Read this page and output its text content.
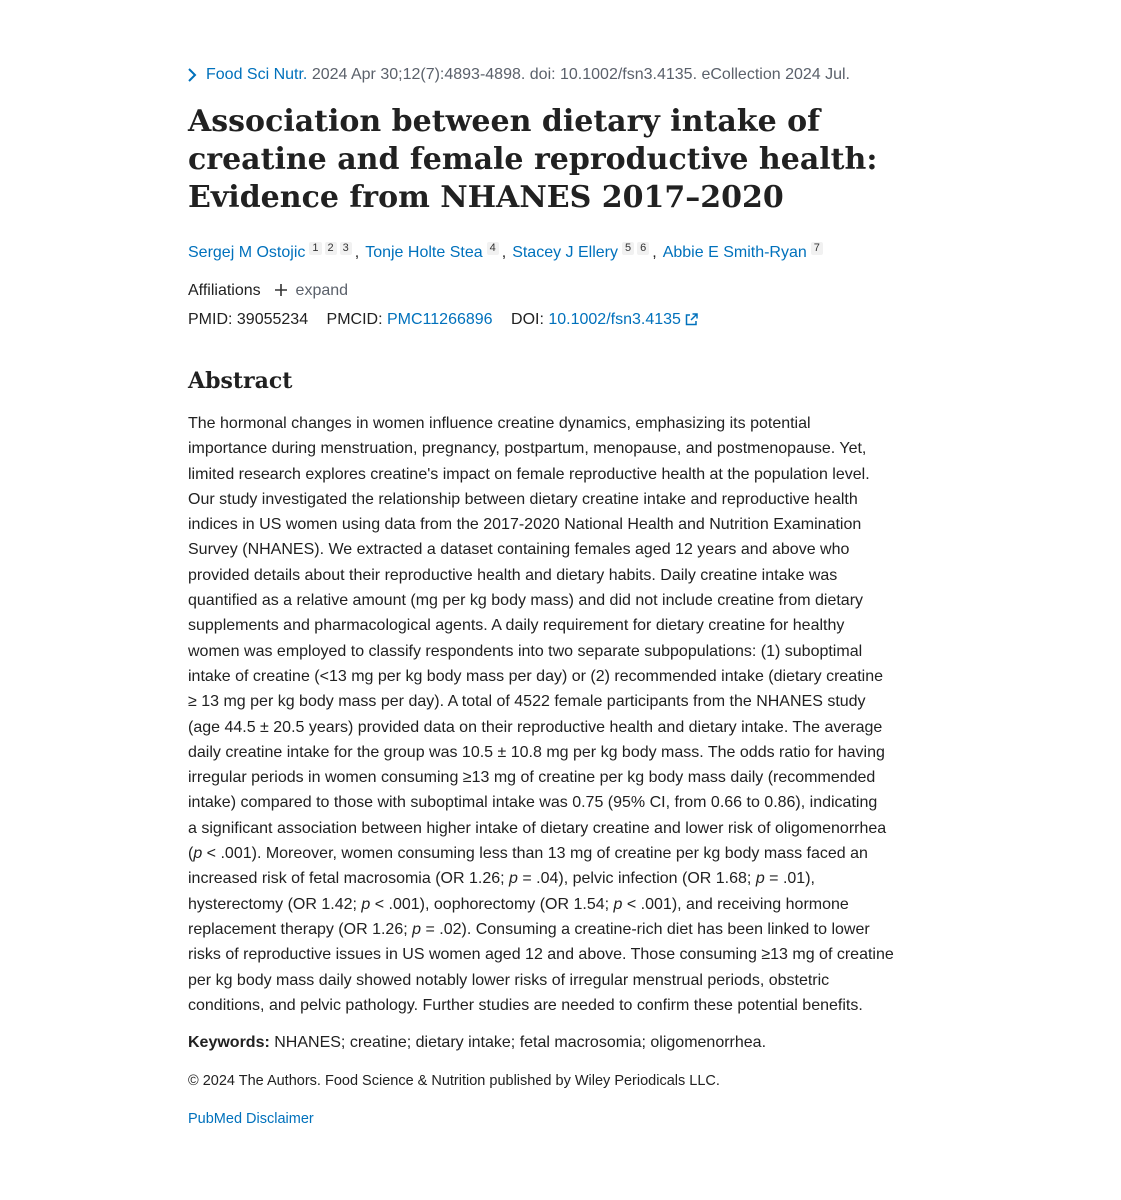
Food Sci Nutr. 2024 Apr 30;12(7):4893-4898. doi: 10.1002/fsn3.4135. eCollection 2024 Jul.
Association between dietary intake of creatine and female reproductive health: Evidence from NHANES 2017–2020
Sergej M Ostojic 1 2 3 , Tonje Holte Stea 4 , Stacey J Ellery 5 6 , Abbie E Smith-Ryan 7
Affiliations expand
PMID: 39055234 PMCID: PMC11266896 DOI: 10.1002/fsn3.4135
Abstract
The hormonal changes in women influence creatine dynamics, emphasizing its potential
importance during menstruation, pregnancy, postpartum, menopause, and postmenopause. Yet,
limited research explores creatine's impact on female reproductive health at the population level.
Our study investigated the relationship between dietary creatine intake and reproductive health
indices in US women using data from the 2017-2020 National Health and Nutrition Examination
Survey (NHANES). We extracted a dataset containing females aged 12 years and above who
provided details about their reproductive health and dietary habits. Daily creatine intake was
quantified as a relative amount (mg per kg body mass) and did not include creatine from dietary
supplements and pharmacological agents. A daily requirement for dietary creatine for healthy
women was employed to classify respondents into two separate subpopulations: (1) suboptimal
intake of creatine (<13 mg per kg body mass per day) or (2) recommended intake (dietary creatine
≥ 13 mg per kg body mass per day). A total of 4522 female participants from the NHANES study
(age 44.5 ± 20.5 years) provided data on their reproductive health and dietary intake. The average
daily creatine intake for the group was 10.5 ± 10.8 mg per kg body mass. The odds ratio for having
irregular periods in women consuming ≥13 mg of creatine per kg body mass daily (recommended
intake) compared to those with suboptimal intake was 0.75 (95% CI, from 0.66 to 0.86), indicating
a significant association between higher intake of dietary creatine and lower risk of oligomenorrhea
(p < .001). Moreover, women consuming less than 13 mg of creatine per kg body mass faced an
increased risk of fetal macrosomia (OR 1.26; p = .04), pelvic infection (OR 1.68; p = .01),
hysterectomy (OR 1.42; p < .001), oophorectomy (OR 1.54; p < .001), and receiving hormone
replacement therapy (OR 1.26; p = .02). Consuming a creatine-rich diet has been linked to lower
risks of reproductive issues in US women aged 12 and above. Those consuming ≥13 mg of creatine
per kg body mass daily showed notably lower risks of irregular menstrual periods, obstetric
conditions, and pelvic pathology. Further studies are needed to confirm these potential benefits.
Keywords: NHANES; creatine; dietary intake; fetal macrosomia; oligomenorrhea.
© 2024 The Authors. Food Science & Nutrition published by Wiley Periodicals LLC.
PubMed Disclaimer
